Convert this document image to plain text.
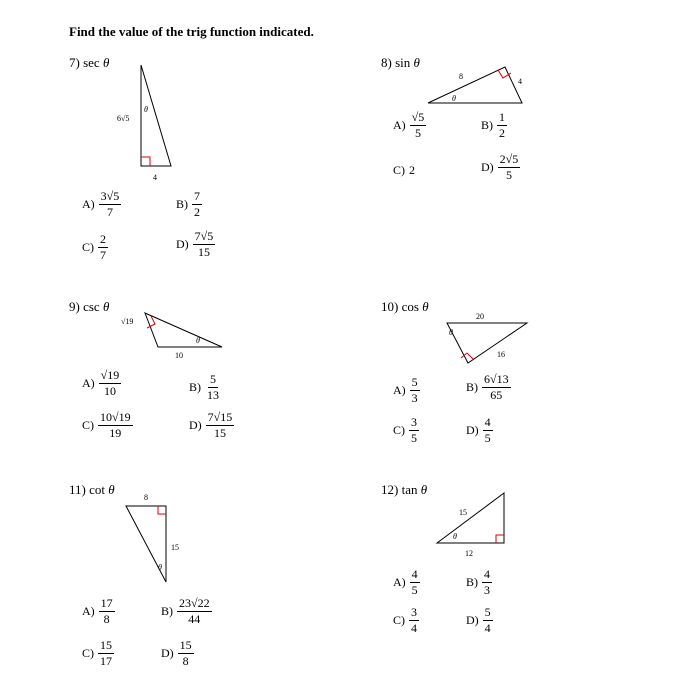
Find the value of the trig function indicated.
7) sec θ
θ
6√5
4
$A) \frac{3√5}{7}$	$B) \frac{7}{2}$
$C) \frac{2}{7}$	$D) \frac{7√5}{15}$
8) sin θ
θ
8
4
$A) \frac{√5}{5}$	$B) \frac{1}{2}$
C) 2	$D) \frac{2√5}{5}$
9) csc θ
θ
√19
10
$A) \frac{√19}{10}$	$B) \frac{5}{13}$
$C) \frac{10√19}{19}$	$D) \frac{7√15}{15}$
10) cos θ
θ
20
16
$A) \frac{5}{3}$	$B) \frac{6√13}{65}$
$C) \frac{3}{5}$	$D) \frac{4}{5}$
11) cot θ
θ
8
15
$A) \frac{17}{8}$	$B) \frac{23√22}{44}$
$C) \frac{15}{17}$	$D) \frac{15}{8}$
12) tan θ
θ
15
12
$A) \frac{4}{5}$	$B) \frac{4}{3}$
$C) \frac{3}{4}$	$D) \frac{5}{4}$
